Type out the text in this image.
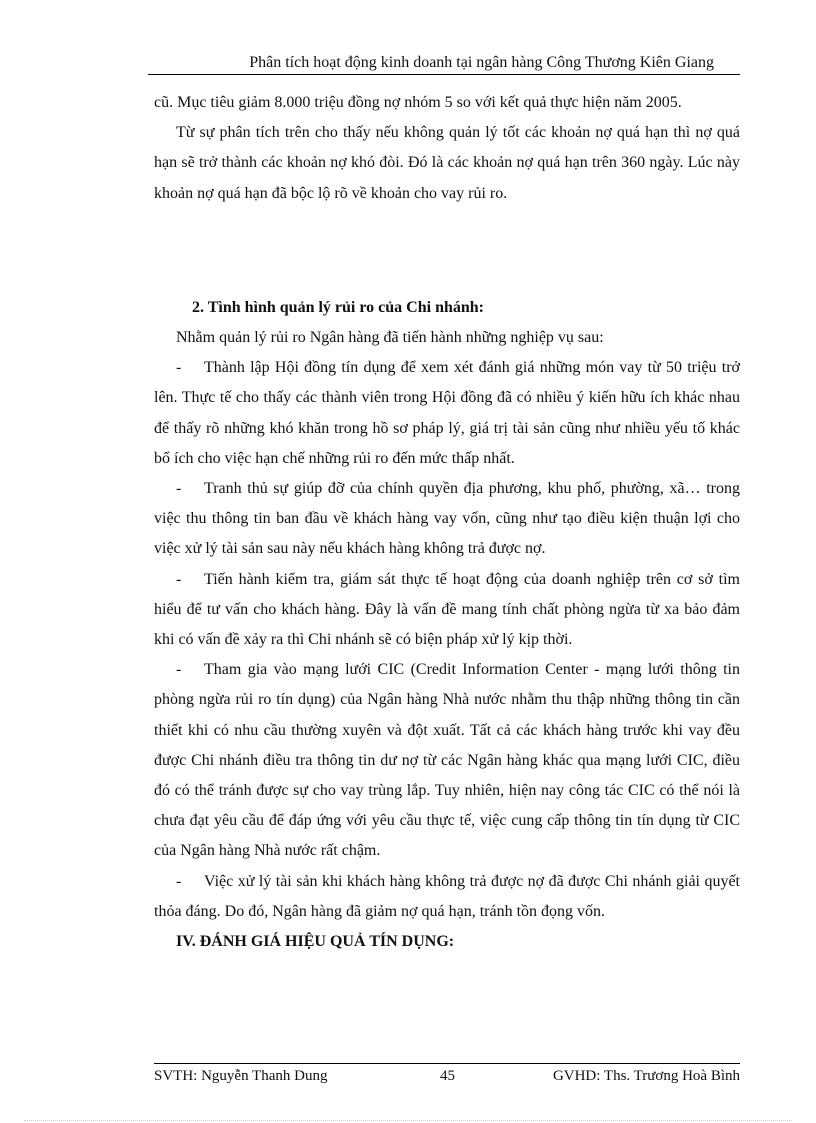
Phân tích hoạt động kinh doanh tại ngân hàng Công Thương Kiên Giang

cũ. Mục tiêu giảm 8.000 triệu đồng nợ nhóm 5 so với kết quả thực hiện năm 2005.

Từ sự phân tích trên cho thấy nếu không quản lý tốt các khoản nợ quá hạn thì nợ quá hạn sẽ trở thành các khoản nợ khó đòi. Đó là các khoản nợ quá hạn trên 360 ngày. Lúc này khoản nợ quá hạn đã bộc lộ rõ về khoản cho vay rủi ro.

2. Tình hình quản lý rủi ro của Chi nhánh:

Nhằm quản lý rủi ro Ngân hàng đã tiến hành những nghiệp vụ sau:

- Thành lập Hội đồng tín dụng để xem xét đánh giá những món vay từ 50 triệu trở lên. Thực tế cho thấy các thành viên trong Hội đồng đã có nhiều ý kiến hữu ích khác nhau để thấy rõ những khó khăn trong hồ sơ pháp lý, giá trị tài sản cũng như nhiều yếu tố khác bổ ích cho việc hạn chế những rủi ro đến mức thấp nhất.

- Tranh thủ sự giúp đỡ của chính quyền địa phương, khu phố, phường, xã… trong việc thu thông tin ban đầu về khách hàng vay vốn, cũng như tạo điều kiện thuận lợi cho việc xử lý tài sản sau này nếu khách hàng không trả được nợ.

- Tiến hành kiểm tra, giám sát thực tế hoạt động của doanh nghiệp trên cơ sở tìm hiểu để tư vấn cho khách hàng. Đây là vấn đề mang tính chất phòng ngừa từ xa bảo đảm khi có vấn đề xảy ra thì Chi nhánh sẽ có biện pháp xử lý kịp thời.

- Tham gia vào mạng lưới CIC (Credit Information Center - mạng lưới thông tin phòng ngừa rủi ro tín dụng) của Ngân hàng Nhà nước nhằm thu thập những thông tin cần thiết khi có nhu cầu thường xuyên và đột xuất. Tất cả các khách hàng trước khi vay đều được Chi nhánh điều tra thông tin dư nợ từ các Ngân hàng khác qua mạng lưới CIC, điều đó có thể tránh được sự cho vay trùng lắp. Tuy nhiên, hiện nay công tác CIC có thể nói là chưa đạt yêu cầu để đáp ứng với yêu cầu thực tế, việc cung cấp thông tin tín dụng từ CIC của Ngân hàng Nhà nước rất chậm.

- Việc xử lý tài sản khi khách hàng không trả được nợ đã được Chi nhánh giải quyết thỏa đáng. Do đó, Ngân hàng đã giảm nợ quá hạn, tránh tồn đọng vốn.

IV. ĐÁNH GIÁ HIỆU QUẢ TÍN DỤNG:

SVTH: Nguyễn Thanh Dung	45	GVHD: Ths. Trương Hoà Bình
